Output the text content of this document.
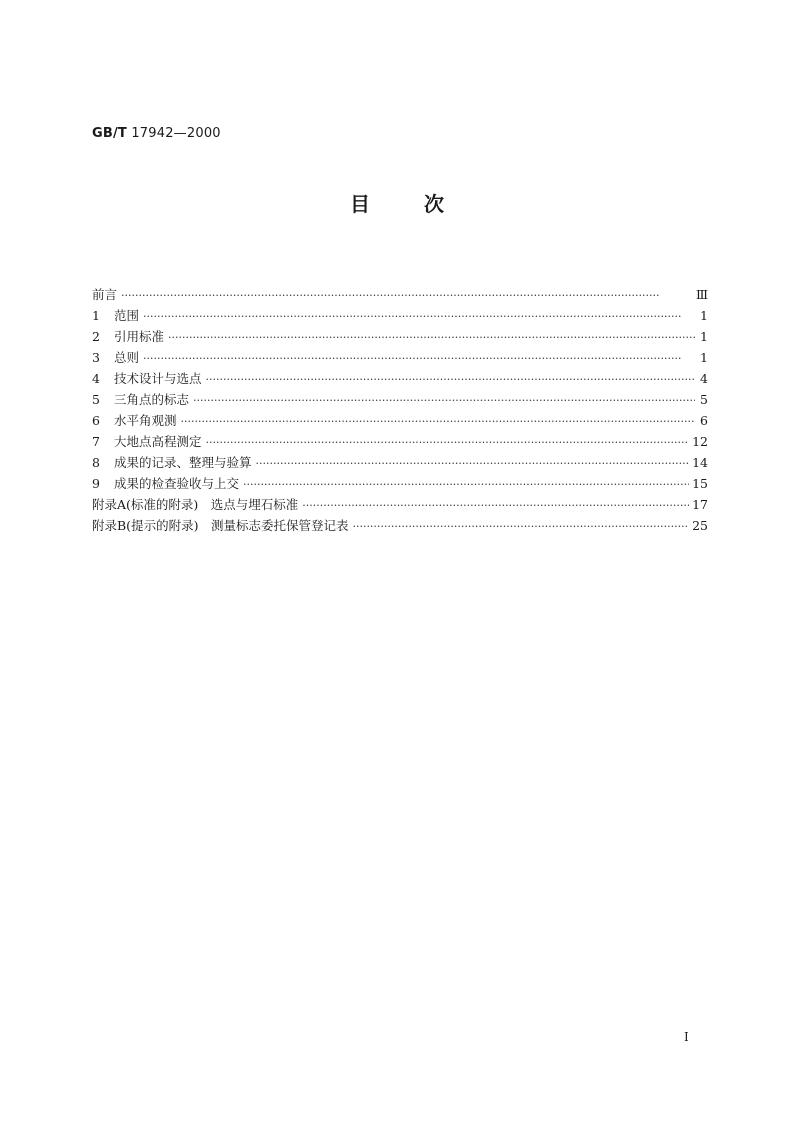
GB/T 17942—2000
目次
前言 ·····	Ⅲ
1	范围 ·····	1
2	引用标准 ·····	1
3	总则 ·····	1
4	技术设计与选点 ·····	4
5	三角点的标志 ·····	5
6	水平角观测 ·····	6
7	大地点高程测定 ·····	12
8	成果的记录、整理与验算 ·····	14
9	成果的检查验收与上交 ·····	15
附录A(标准的附录)　选点与埋石标准 ·····	17
附录B(提示的附录)　测量标志委托保管登记表 ·····	25
I
